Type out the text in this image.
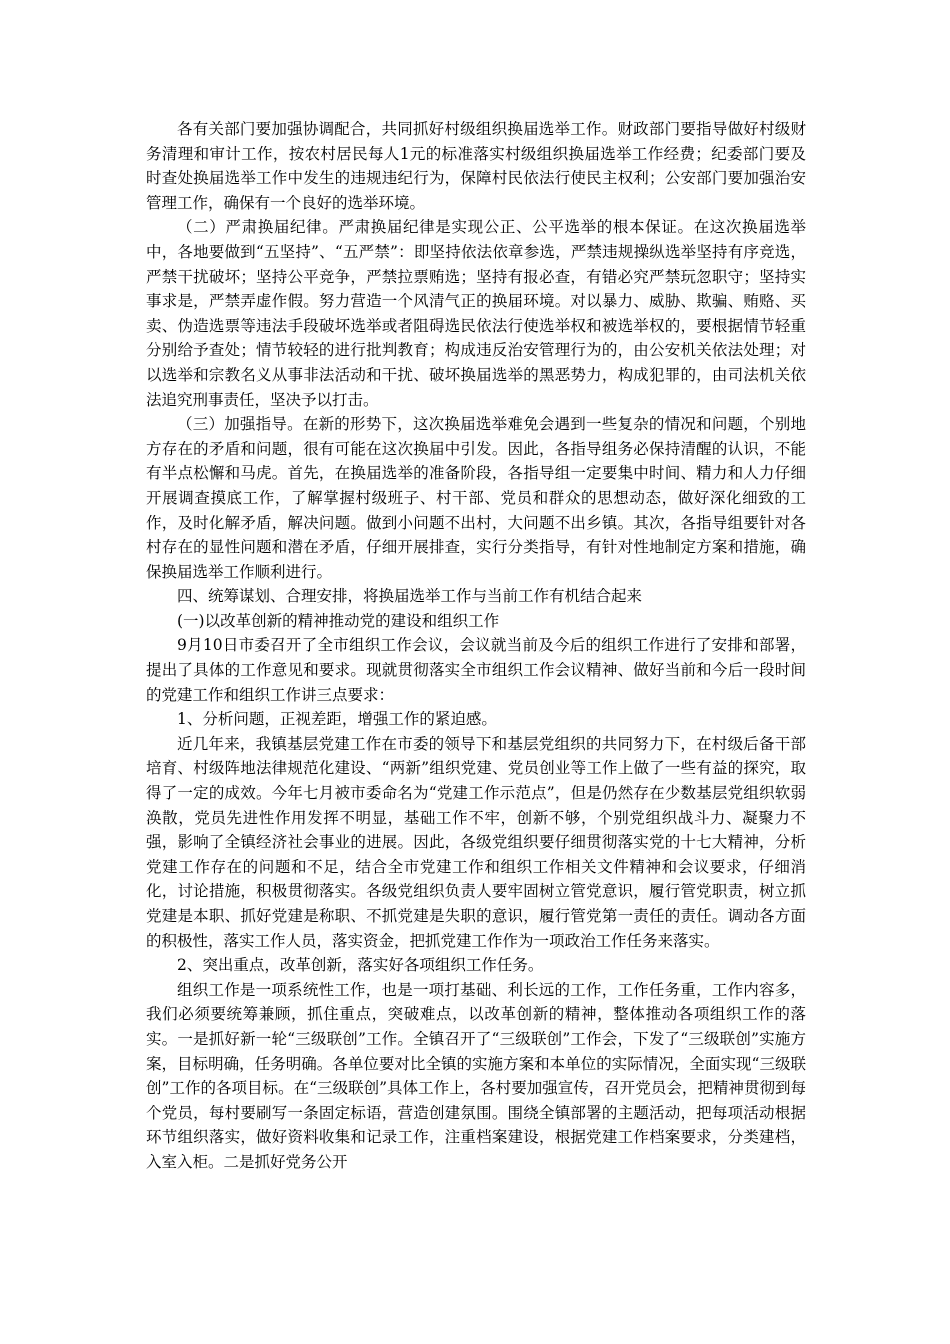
各有关部门要加强协调配合，共同抓好村级组织换届选举工作。财政部门要指导做好村级财务清理和审计工作，按农村居民每人1元的标准落实村级组织换届选举工作经费；纪委部门要及时查处换届选举工作中发生的违规违纪行为，保障村民依法行使民主权利；公安部门要加强治安管理工作，确保有一个良好的选举环境。

（二）严肃换届纪律。严肃换届纪律是实现公正、公平选举的根本保证。在这次换届选举中，各地要做到“五坚持”、“五严禁”：即坚持依法依章参选，严禁违规操纵选举坚持有序竞选，严禁干扰破坏；坚持公平竞争，严禁拉票贿选；坚持有报必查，有错必究严禁玩忽职守；坚持实事求是，严禁弄虚作假。努力营造一个风清气正的换届环境。对以暴力、威胁、欺骗、贿赂、买卖、伪造选票等违法手段破坏选举或者阻碍选民依法行使选举权和被选举权的，要根据情节轻重分别给予查处；情节较轻的进行批判教育；构成违反治安管理行为的，由公安机关依法处理；对以选举和宗教名义从事非法活动和干扰、破坏换届选举的黑恶势力，构成犯罪的，由司法机关依法追究刑事责任，坚决予以打击。

（三）加强指导。在新的形势下，这次换届选举难免会遇到一些复杂的情况和问题，个别地方存在的矛盾和问题，很有可能在这次换届中引发。因此，各指导组务必保持清醒的认识，不能有半点松懈和马虎。首先，在换届选举的准备阶段，各指导组一定要集中时间、精力和人力仔细开展调查摸底工作，了解掌握村级班子、村干部、党员和群众的思想动态，做好深化细致的工作，及时化解矛盾，解决问题。做到小问题不出村，大问题不出乡镇。其次，各指导组要针对各村存在的显性问题和潜在矛盾，仔细开展排查，实行分类指导，有针对性地制定方案和措施，确保换届选举工作顺利进行。

四、统筹谋划、合理安排，将换届选举工作与当前工作有机结合起来

(一)以改革创新的精神推动党的建设和组织工作

9月10日市委召开了全市组织工作会议，会议就当前及今后的组织工作进行了安排和部署，提出了具体的工作意见和要求。现就贯彻落实全市组织工作会议精神、做好当前和今后一段时间的党建工作和组织工作讲三点要求：

1、分析问题，正视差距，增强工作的紧迫感。

近几年来，我镇基层党建工作在市委的领导下和基层党组织的共同努力下，在村级后备干部培育、村级阵地法律规范化建设、“两新”组织党建、党员创业等工作上做了一些有益的探究，取得了一定的成效。今年七月被市委命名为“党建工作示范点”，但是仍然存在少数基层党组织软弱涣散，党员先进性作用发挥不明显，基础工作不牢，创新不够，个别党组织战斗力、凝聚力不强，影响了全镇经济社会事业的进展。因此，各级党组织要仔细贯彻落实党的十七大精神，分析党建工作存在的问题和不足，结合全市党建工作和组织工作相关文件精神和会议要求，仔细消化，讨论措施，积极贯彻落实。各级党组织负责人要牢固树立管党意识，履行管党职责，树立抓党建是本职、抓好党建是称职、不抓党建是失职的意识，履行管党第一责任的责任。调动各方面的积极性，落实工作人员，落实资金，把抓党建工作作为一项政治工作任务来落实。

2、突出重点，改革创新，落实好各项组织工作任务。

组织工作是一项系统性工作，也是一项打基础、利长远的工作，工作任务重，工作内容多，我们必须要统筹兼顾，抓住重点，突破难点，以改革创新的精神，整体推动各项组织工作的落实。一是抓好新一轮“三级联创”工作。全镇召开了“三级联创”工作会，下发了“三级联创”实施方案，目标明确，任务明确。各单位要对比全镇的实施方案和本单位的实际情况，全面实现“三级联创”工作的各项目标。在“三级联创”具体工作上，各村要加强宣传，召开党员会，把精神贯彻到每个党员，每村要刷写一条固定标语，营造创建氛围。围绕全镇部署的主题活动，把每项活动根据环节组织落实，做好资料收集和记录工作，注重档案建设，根据党建工作档案要求，分类建档，入室入柜。二是抓好党务公开
